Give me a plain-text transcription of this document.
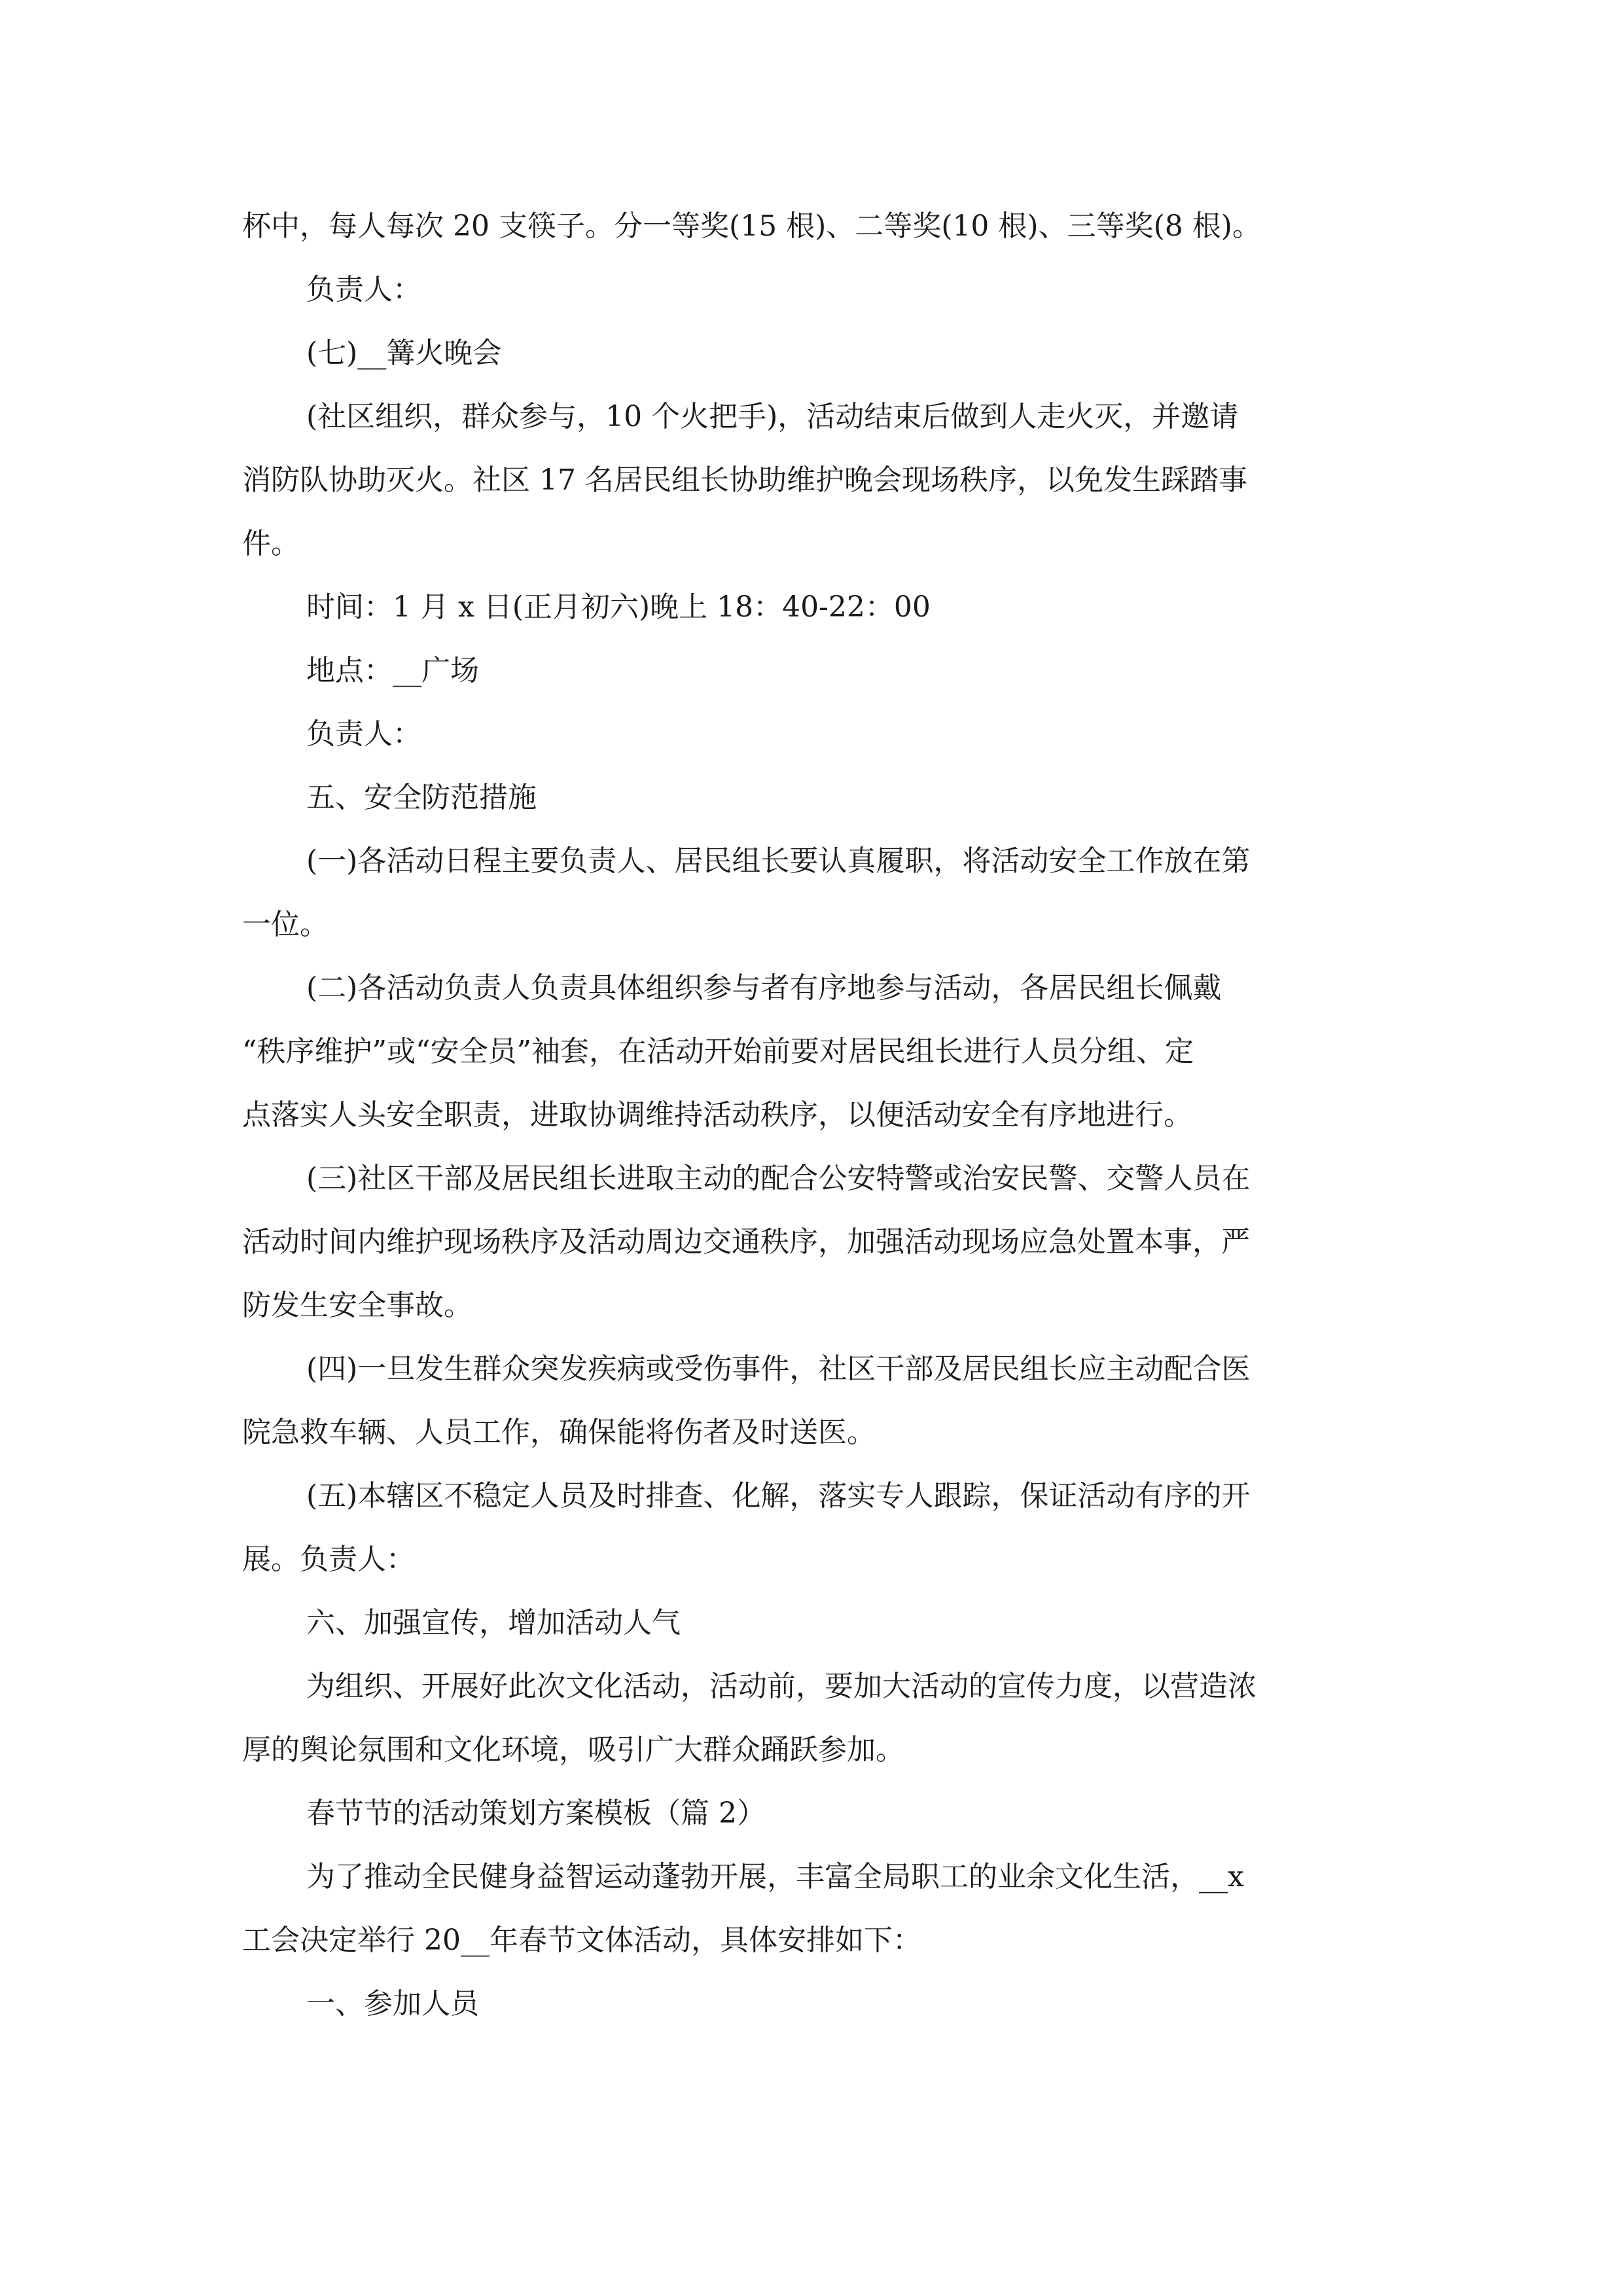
杯中，每人每次 20 支筷子。分一等奖(15 根)、二等奖(10 根)、三等奖(8 根)。

负责人：

(七)__篝火晚会

(社区组织，群众参与，10 个火把手)，活动结束后做到人走火灭，并邀请

消防队协助灭火。社区 17 名居民组长协助维护晚会现场秩序，以免发生踩踏事

件。

时间：1 月 x 日(正月初六)晚上 18：40-22：00

地点：__广场

负责人：

五、安全防范措施

(一)各活动日程主要负责人、居民组长要认真履职，将活动安全工作放在第

一位。

(二)各活动负责人负责具体组织参与者有序地参与活动，各居民组长佩戴

“秩序维护”或“安全员”袖套，在活动开始前要对居民组长进行人员分组、定

点落实人头安全职责，进取协调维持活动秩序，以便活动安全有序地进行。

(三)社区干部及居民组长进取主动的配合公安特警或治安民警、交警人员在

活动时间内维护现场秩序及活动周边交通秩序，加强活动现场应急处置本事，严

防发生安全事故。

(四)一旦发生群众突发疾病或受伤事件，社区干部及居民组长应主动配合医

院急救车辆、人员工作，确保能将伤者及时送医。

(五)本辖区不稳定人员及时排查、化解，落实专人跟踪，保证活动有序的开

展。负责人：

六、加强宣传，增加活动人气

为组织、开展好此次文化活动，活动前，要加大活动的宣传力度，以营造浓

厚的舆论氛围和文化环境，吸引广大群众踊跃参加。

春节节的活动策划方案模板（篇 2）

为了推动全民健身益智运动蓬勃开展，丰富全局职工的业余文化生活，__x

工会决定举行 20__年春节文体活动，具体安排如下：

一、参加人员
